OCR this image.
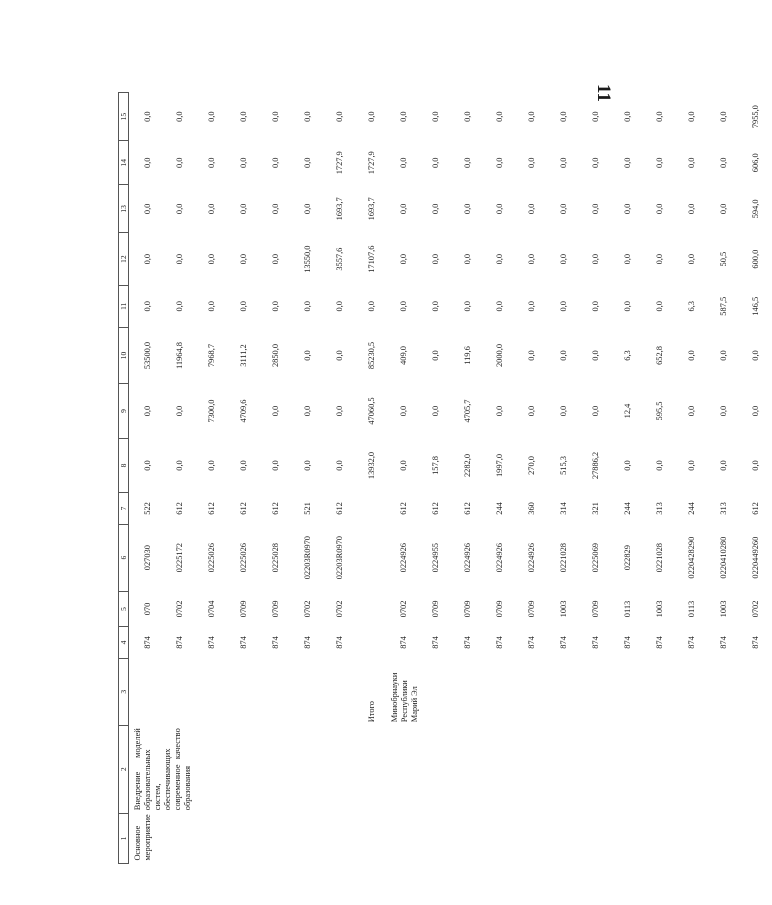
11
1	2	3	4	5	6	7	8	9	10	11	12	13	14	15
Основное мероприятие	Внедрение моделей образовательных систем, обеспечивающих современное качество образования		874	070	027030	522	0,0	0,0	53500,0	0,0	0,0	0,0	0,0	0,0
			874	0702	0225172	612	0,0	0,0	11964,8	0,0	0,0	0,0	0,0	0,0
			874	0704	0225026	612	0,0	7300,0	7968,7	0,0	0,0	0,0	0,0	0,0
			874	0709	0225026	612	0,0	4709,6	3111,2	0,0	0,0	0,0	0,0	0,0
			874	0709	0225028	612	0,0	0,0	2850,0	0,0	0,0	0,0	0,0	0,0
			874	0702	02203R0970	521	0,0	0,0	0,0	0,0	13550,0	0,0	0,0	0,0
			874	0702	02203R0970	612	0,0	0,0	0,0	0,0	3557,6	1693,7	1727,9	0,0
		Итого					13932,0	47060,5	85230,5	0,0	17107,6	1693,7	1727,9	0,0
		Минобрнауки Республики Марий Эл	874	0702	0224926	612	0,0	0,0	409,0	0,0	0,0	0,0	0,0	0,0
			874	0709	0224955	612	157,8	0,0	0,0	0,0	0,0	0,0	0,0	0,0
			874	0709	0224926	612	2282,0	4705,7	119,6	0,0	0,0	0,0	0,0	0,0
			874	0709	0224926	244	1997,0	0,0	2000,0	0,0	0,0	0,0	0,0	0,0
			874	0709	0224926	360	270,0	0,0	0,0	0,0	0,0	0,0	0,0	0,0
			874	1003	0221028	314	515,3	0,0	0,0	0,0	0,0	0,0	0,0	0,0
			874	0709	0225069	321	27886,2	0,0	0,0	0,0	0,0	0,0	0,0	0,0
			874	0113	022829	244	0,0	12,4	6,3	0,0	0,0	0,0	0,0	0,0
			874	1003	0221028	313	0,0	595,5	652,8	0,0	0,0	0,0	0,0	0,0
			874	0113	0220428290	244	0,0	0,0	0,0	6,3	0,0	0,0	0,0	0,0
			874	1003	0220410280	313	0,0	0,0	0,0	587,5	50,5	0,0	0,0	0,0
			874	0702	0220449260	612	0,0	0,0	0,0	146,5	600,0	594,0	606,0	7955,0
